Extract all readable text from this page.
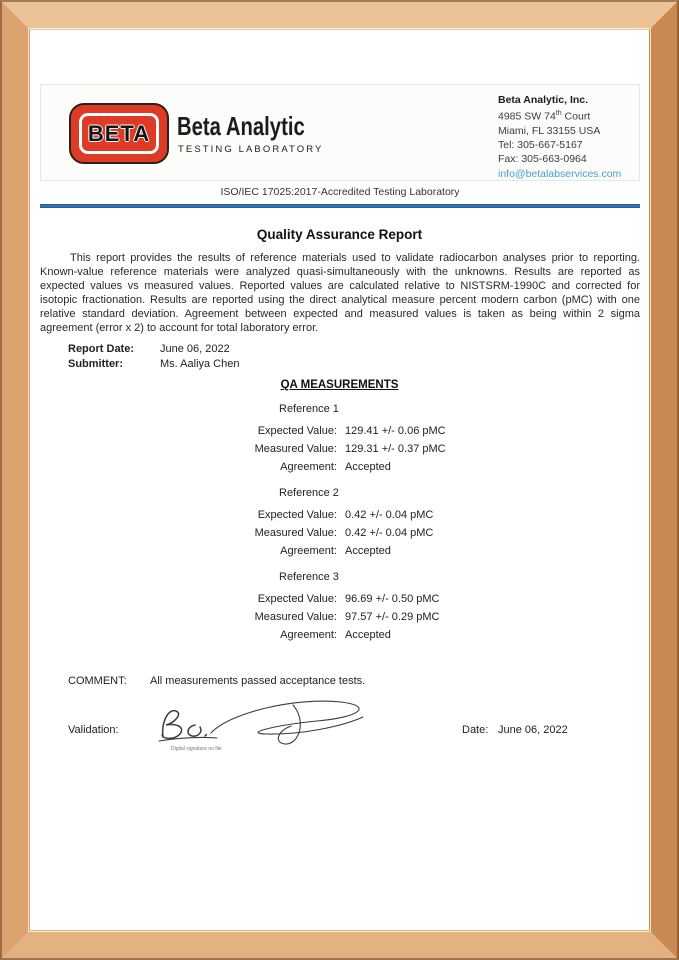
BETA Beta Analytic
TESTING LABORATORY
Beta Analytic, Inc.
4985 SW 74th Court
Miami, FL 33155 USA
Tel: 305-667-5167
Fax: 305-663-0964
info@betalabservices.com
ISO/IEC 17025:2017-Accredited Testing Laboratory
Quality Assurance Report
This report provides the results of reference materials used to validate radiocarbon analyses prior to reporting. Known-value reference materials were analyzed quasi-simultaneously with the unknowns. Results are reported as expected values vs measured values. Reported values are calculated relative to NISTSRM-1990C and corrected for isotopic fractionation. Results are reported using the direct analytical measure percent modern carbon (pMC) with one relative standard deviation. Agreement between expected and measured values is taken as being within 2 sigma agreement (error x 2) to account for total laboratory error.
Report Date: June 06, 2022
Submitter:	Ms. Aaliya Chen
QA MEASUREMENTS
Reference 1
Expected Value: 129.41 +/- 0.06 pMC
Measured Value: 129.31 +/- 0.37 pMC
Agreement: Accepted
Reference 2
Expected Value: 0.42 +/- 0.04 pMC
Measured Value: 0.42 +/- 0.04 pMC
Agreement: Accepted
Reference 3
Expected Value: 96.69 +/- 0.50 pMC
Measured Value: 97.57 +/- 0.29 pMC
Agreement: Accepted
COMMENT: All measurements passed acceptance tests.
Validation:
Digital signature on file
Date: June 06, 2022
